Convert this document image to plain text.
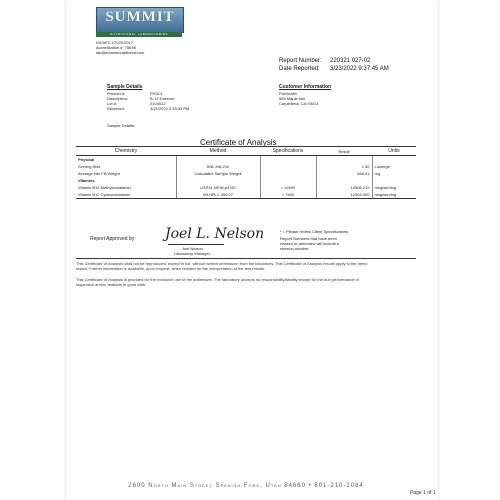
SUMMIT
NUTRITIONAL LABORATORIES
ISO/IEC 17025:2017
Accreditation #: 75696
lab@summitnutritional.com
Report Number: 220321 027-02
Date Reported: 3/23/2022 9:37:45 AM
Sample Details
Product #:	PH314
Description:	B-12 Extreme
Lot #:	2104022
Received:	3/21/2022 2:33:33 PM
Sample Details:
Customer Information
ProHealth
555 Maple Ave
Carpinteria, CA 93013
Certificate of Analysis
Chemistry	Method	Specifications	Result	Units
Physical				
Serving Size	SNL.MA.210		1.00	Lozenge
Average Net Fill Weight	Calculated Sample Weight		458.91	mg
Vitamins				
Vitamin B12 Methylcobalamin	USP41 NF36,p4767	> 12500	14506.219	mcg/serving
Vitamin B12 Cyanocobalamin	Wt.HPLC.306.07	> 7500	12305.000	mcg/serving
Report Approved by: Joel L. Nelson
Joel Nelson
Laboratory Manager
* = Please review Client Specifications
Report Numbers that have been revised or amended will include a revision number.
This Certificate of Analysis shall not be reproduced, except in full, without written permission from the laboratory. This Certificate of Analysis results apply to the items tested. Further information is available, upon request, when needed for the interpretation of the test results.
This Certificate of Analysis is provided for the exclusive use of the addressee. The laboratory accepts no responsibility/liability except for the due performance of inspection and/or analysis in good faith.
2600 North Main Street Spanish Fork, Utah 84660 • 801-210-2084
Page 1 of 1
